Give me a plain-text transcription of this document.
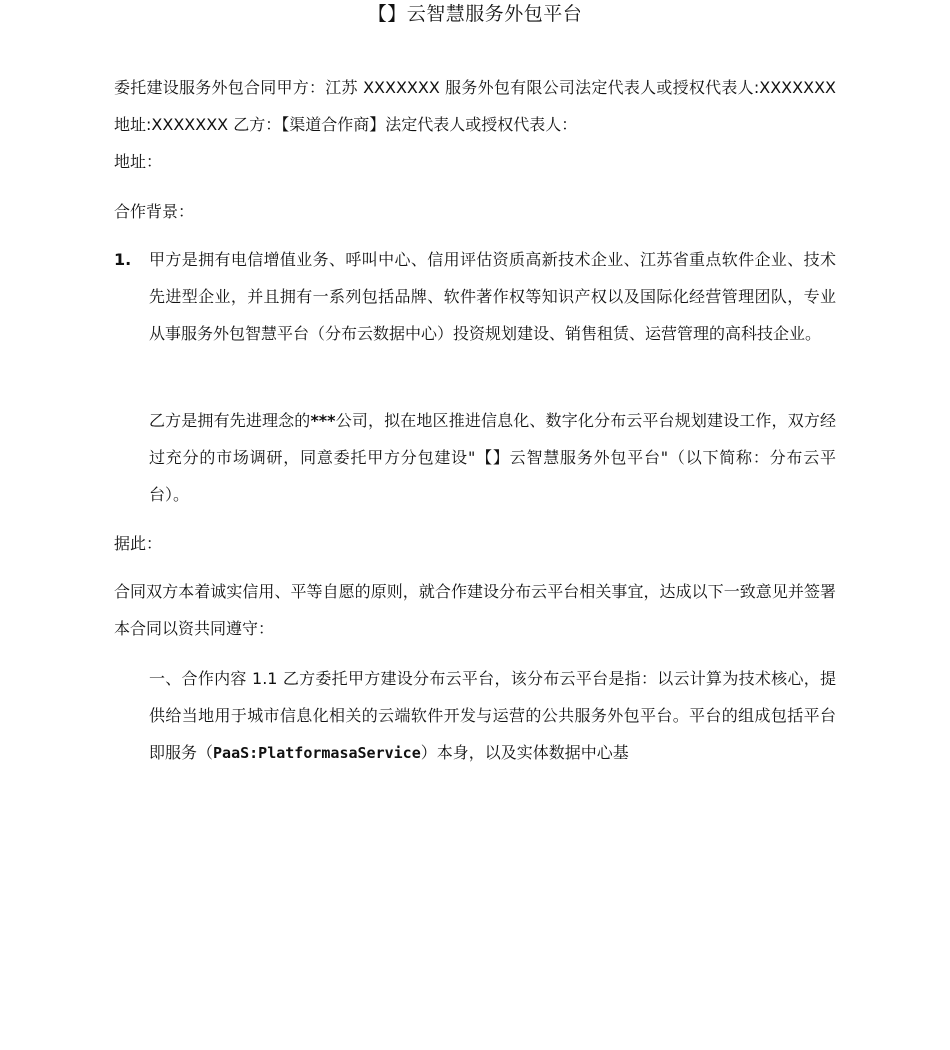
【】云智慧服务外包平台

委托建设服务外包合同甲方：江苏 XXXXXXX 服务外包有限公司法定代表人或授权代表人:XXXXXXX 地址:XXXXXXX 乙方：【渠道合作商】法定代表人或授权代表人：

地址：

合作背景：

1. 甲方是拥有电信增值业务、呼叫中心、信用评估资质高新技术企业、江苏省重点软件企业、技术先进型企业，并且拥有一系列包括品牌、软件著作权等知识产权以及国际化经营管理团队，专业从事服务外包智慧平台（分布云数据中心）投资规划建设、销售租赁、运营管理的高科技企业。

乙方是拥有先进理念的***公司，拟在地区推进信息化、数字化分布云平台规划建设工作，双方经过充分的市场调研，同意委托甲方分包建设"【】云智慧服务外包平台"（以下简称：分布云平台）。

据此：

合同双方本着诚实信用、平等自愿的原则，就合作建设分布云平台相关事宜，达成以下一致意见并签署本合同以资共同遵守：

一、合作内容 1.1 乙方委托甲方建设分布云平台，该分布云平台是指：以云计算为技术核心，提供给当地用于城市信息化相关的云端软件开发与运营的公共服务外包平台。平台的组成包括平台即服务（PaaS:PlatformasaService）本身，以及实体数据中心基
